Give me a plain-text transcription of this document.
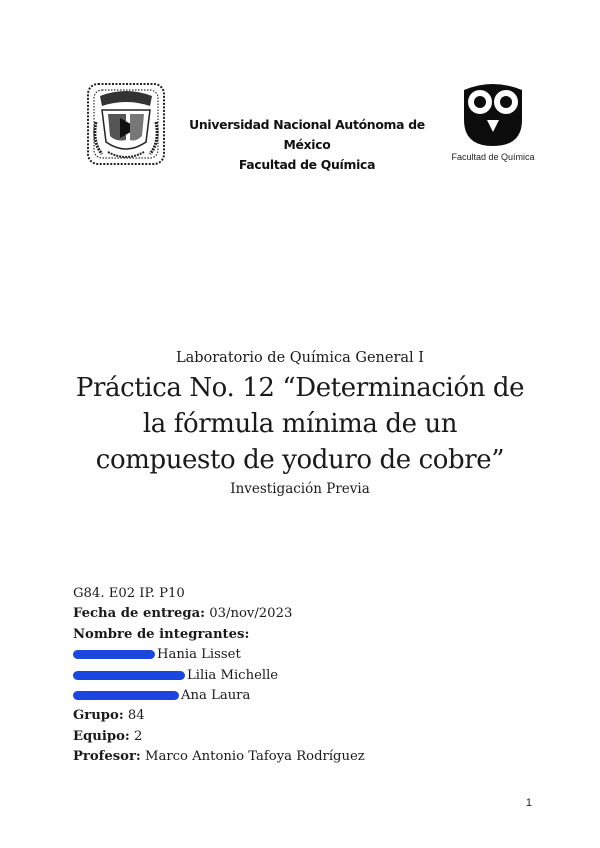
Universidad Nacional Autónoma de México
Facultad de Química	Facultad de Química
Laboratorio de Química General I
Práctica No. 12 “Determinación de
la fórmula mínima de un
compuesto de yoduro de cobre”
Investigación Previa
G84. E02 IP. P10
Fecha de entrega: 03/nov/2023
Nombre de integrantes:
Hania Lisset
Lilia Michelle
Ana Laura
Grupo: 84
Equipo: 2
Profesor: Marco Antonio Tafoya Rodríguez
1
